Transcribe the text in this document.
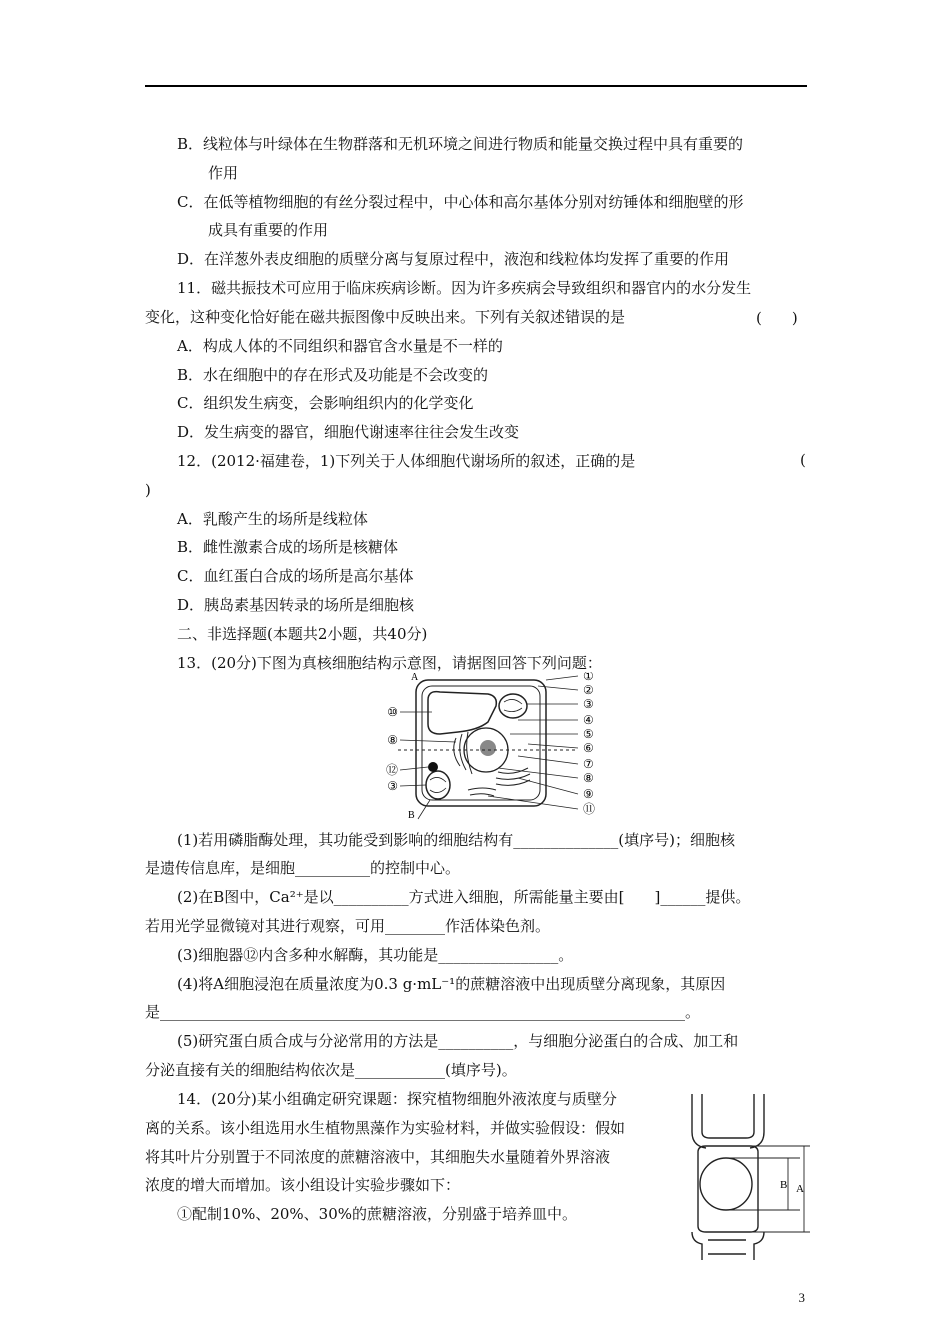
B．线粒体与叶绿体在生物群落和无机环境之间进行物质和能量交换过程中具有重要的
作用
C．在低等植物细胞的有丝分裂过程中，中心体和高尔基体分别对纺锤体和细胞壁的形
成具有重要的作用
D．在洋葱外表皮细胞的质壁分离与复原过程中，液泡和线粒体均发挥了重要的作用
11．磁共振技术可应用于临床疾病诊断。因为许多疾病会导致组织和器官内的水分发生
变化，这种变化恰好能在磁共振图像中反映出来。下列有关叙述错误的是	(　　)
A．构成人体的不同组织和器官含水量是不一样的
B．水在细胞中的存在形式及功能是不会改变的
C．组织发生病变，会影响组织内的化学变化
D．发生病变的器官，细胞代谢速率往往会发生改变
12．(2012·福建卷，1)下列关于人体细胞代谢场所的叙述，正确的是	(
)
A．乳酸产生的场所是线粒体
B．雌性激素合成的场所是核糖体
C．血红蛋白合成的场所是高尔基体
D．胰岛素基因转录的场所是细胞核
二、非选择题(本题共2小题，共40分)
13．(20分)下图为真核细胞结构示意图，请据图回答下列问题：
A
B
①
②
③
④
⑤
⑥
⑦
⑧
⑨
⑪
⑩
⑧
⑫
③
(1)若用磷脂酶处理，其功能受到影响的细胞结构有______________(填序号)；细胞核
是遗传信息库，是细胞__________的控制中心。
(2)在B图中，Ca²⁺是以__________方式进入细胞，所需能量主要由[　　]______提供。
若用光学显微镜对其进行观察，可用________作活体染色剂。
(3)细胞器⑫内含多种水解酶，其功能是________________。
(4)将A细胞浸泡在质量浓度为0.3 g·mL⁻¹的蔗糖溶液中出现质壁分离现象，其原因
是______________________________________________________________________。
(5)研究蛋白质合成与分泌常用的方法是__________，与细胞分泌蛋白的合成、加工和
分泌直接有关的细胞结构依次是____________(填序号)。
14．(20分)某小组确定研究课题：探究植物细胞外液浓度与质壁分
离的关系。该小组选用水生植物黑藻作为实验材料，并做实验假设：假如
将其叶片分别置于不同浓度的蔗糖溶液中，其细胞失水量随着外界溶液
浓度的增大而增加。该小组设计实验步骤如下：
①配制10%、20%、30%的蔗糖溶液，分别盛于培养皿中。
B A
3
